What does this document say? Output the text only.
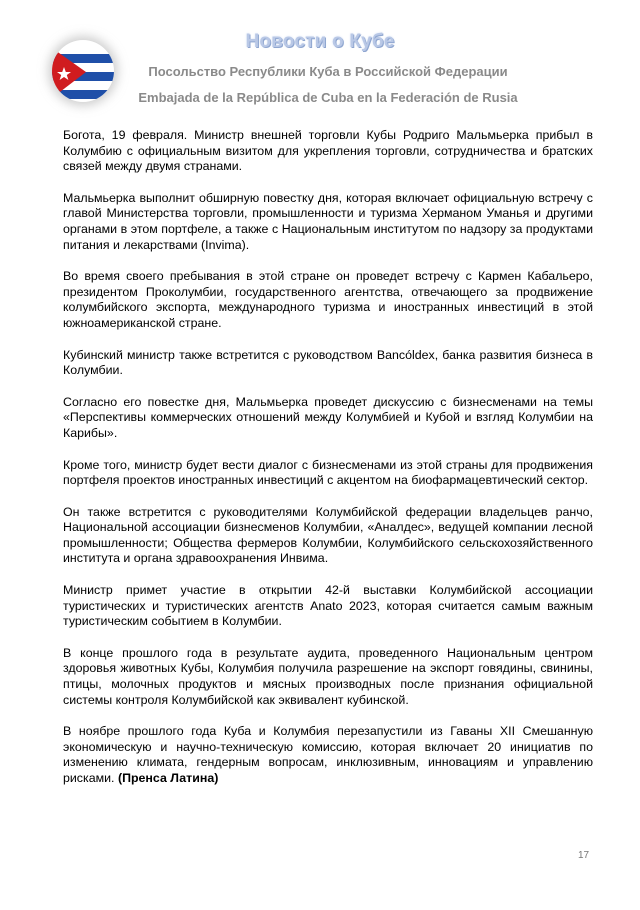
Новости о Кубе
Посольство Республики Куба в Российской Федерации
Embajada de la República de Cuba en la Federación de Rusia

Богота, 19 февраля. Министр внешней торговли Кубы Родриго Мальмьерка прибыл в Колумбию с официальным визитом для укрепления торговли, сотрудничества и братских связей между двумя странами.

Мальмьерка выполнит обширную повестку дня, которая включает официальную встречу с главой Министерства торговли, промышленности и туризма Херманом Уманья и другими органами в этом портфеле, а также с Национальным институтом по надзору за продуктами питания и лекарствами (Invima).

Во время своего пребывания в этой стране он проведет встречу с Кармен Кабальеро, президентом Проколумбии, государственного агентства, отвечающего за продвижение колумбийского экспорта, международного туризма и иностранных инвестиций в этой южноамериканской стране.

Кубинский министр также встретится с руководством Bancóldex, банка развития бизнеса в Колумбии.

Согласно его повестке дня, Мальмьерка проведет дискуссию с бизнесменами на темы «Перспективы коммерческих отношений между Колумбией и Кубой и взгляд Колумбии на Карибы».

Кроме того, министр будет вести диалог с бизнесменами из этой страны для продвижения портфеля проектов иностранных инвестиций с акцентом на биофармацевтический сектор.

Он также встретится с руководителями Колумбийской федерации владельцев ранчо, Национальной ассоциации бизнесменов Колумбии, «Аналдес», ведущей компании лесной промышленности; Общества фермеров Колумбии, Колумбийского сельскохозяйственного института и органа здравоохранения Инвима.

Министр примет участие в открытии 42-й выставки Колумбийской ассоциации туристических и туристических агентств Anato 2023, которая считается самым важным туристическим событием в Колумбии.

В конце прошлого года в результате аудита, проведенного Национальным центром здоровья животных Кубы, Колумбия получила разрешение на экспорт говядины, свинины, птицы, молочных продуктов и мясных производных после признания официальной системы контроля Колумбийской как эквивалент кубинской.

В ноябре прошлого года Куба и Колумбия перезапустили из Гаваны XII Смешанную экономическую и научно-техническую комиссию, которая включает 20 инициатив по изменению климата, гендерным вопросам, инклюзивным, инновациям и управлению рисками. (Пренса Латина)

17
